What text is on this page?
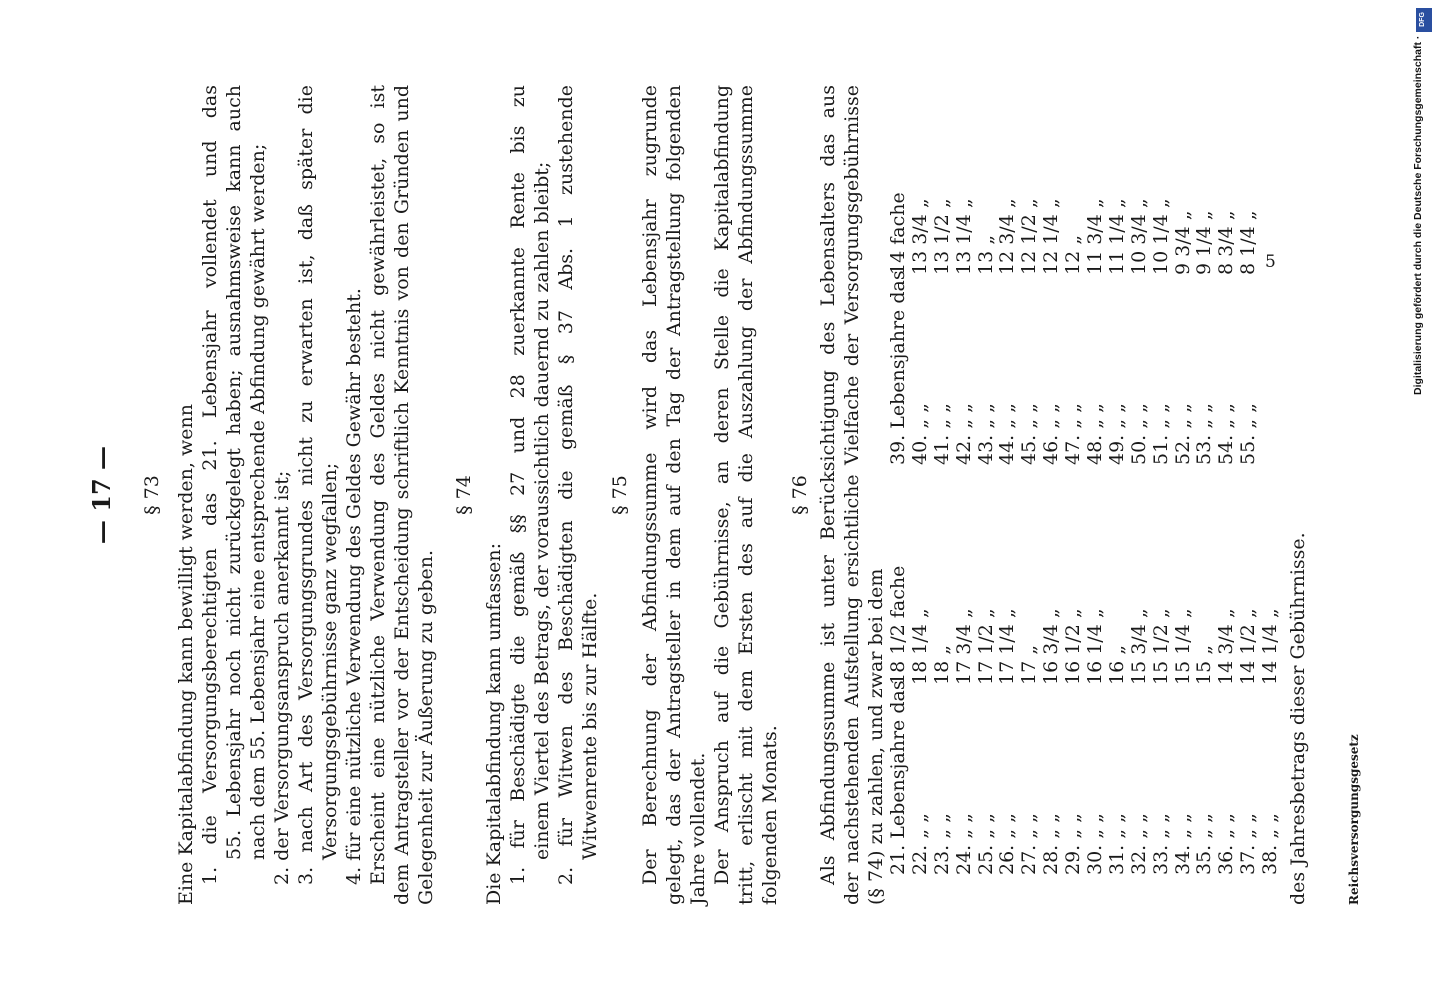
— 17 — § 73 Eine Kapitalabfindung kann bewilligt werden, wenn 1. die Versorgungsberechtigten das 21. Lebensjahr vollendet und das 55. Lebensjahr noch nicht zurückgelegt haben; ausnahmsweise kann auch nach dem 55. Lebensjahr eine entsprechende Abfindung gewährt werden; 2. der Versorgungsanspruch anerkannt ist; 3. nach Art des Versorgungsgrundes nicht zu erwarten ist, daß später die Versorgungsgebührnisse ganz wegfallen; 4. für eine nützliche Verwendung des Geldes Gewähr besteht. Erscheint eine nützliche Verwendung des Geldes nicht gewährleistet, so ist dem Antragsteller vor der Entscheidung schriftlich Kenntnis von den Gründen und Gelegenheit zur Äußerung zu geben.
§ 74
Die Kapitalabfindung kann umfassen: 1. für Beschädigte die gemäß §§ 27 und 28 zuerkannte Rente bis zu einem Viertel des Betrags, der voraussichtlich dauernd zu zahlen bleibt; 2. für Witwen des Beschädigten die gemäß § 37 Abs. 1 zustehende Witwenrente bis zur Hälfte.
§ 75 Der Berechnung der Abfindungssumme wird das Lebensjahr zugrunde gelegt, das der Antragsteller in dem auf den Tag der Antragstellung folgenden Jahre vollendet. Der Anspruch auf die Gebührnisse, an deren Stelle die Kapitalabfindung tritt, erlischt mit dem Ersten des auf die Auszahlung der Abfindungssumme folgenden Monats.
§ 76 Als Abfindungssumme ist unter Berücksichtigung des Lebensalters das aus der nachstehenden Aufstellung ersichtliche Vielfache der Versorgungsgebührnisse (§ 74) zu zahlen, und zwar bei dem 21. Lebensjahre das
18 1/2 fache
22. „ „
18 1/4 „
23. „ „
18 „
24. „ „
17 3/4 „
25. „ „
17 1/2 „
26. „ „
17 1/4 „
27. „ „
17 „
28. „ „
16 3/4 „
29. „ „
16 1/2 „
30. „ „
16 1/4 „
31. „ „
16 „
32. „ „
15 3/4 „
33. „ „
15 1/2 „
34. „ „
15 1/4 „
35. „ „
15 „
36. „ „
14 3/4 „
37. „ „
14 1/2 „
38. „ „
14 1/4 „
39. Lebensjahre das
14 fache
40. „ „
13 3/4 „
41. „ „
13 1/2 „
42. „ „
13 1/4 „
43. „ „
13 „
44. „ „
12 3/4 „
45. „ „
12 1/2 „
46. „ „
12 1/4 „
47. „ „
12 „
48. „ „
11 3/4 „
49. „ „
11 1/4 „
50. „ „
10 3/4 „
51. „ „
10 1/4 „
52. „ „
9 3/4 „
53. „ „
9 1/4 „
54. „ „
8 3/4 „
55. „ „
8 1/4 „
des Jahresbetrags dieser Gebührnisse.	Reichsversorgungsgesetz
5	Digitalisierung gefördert durch die Deutsche Forschungsgemeinschaft ·
DFG
